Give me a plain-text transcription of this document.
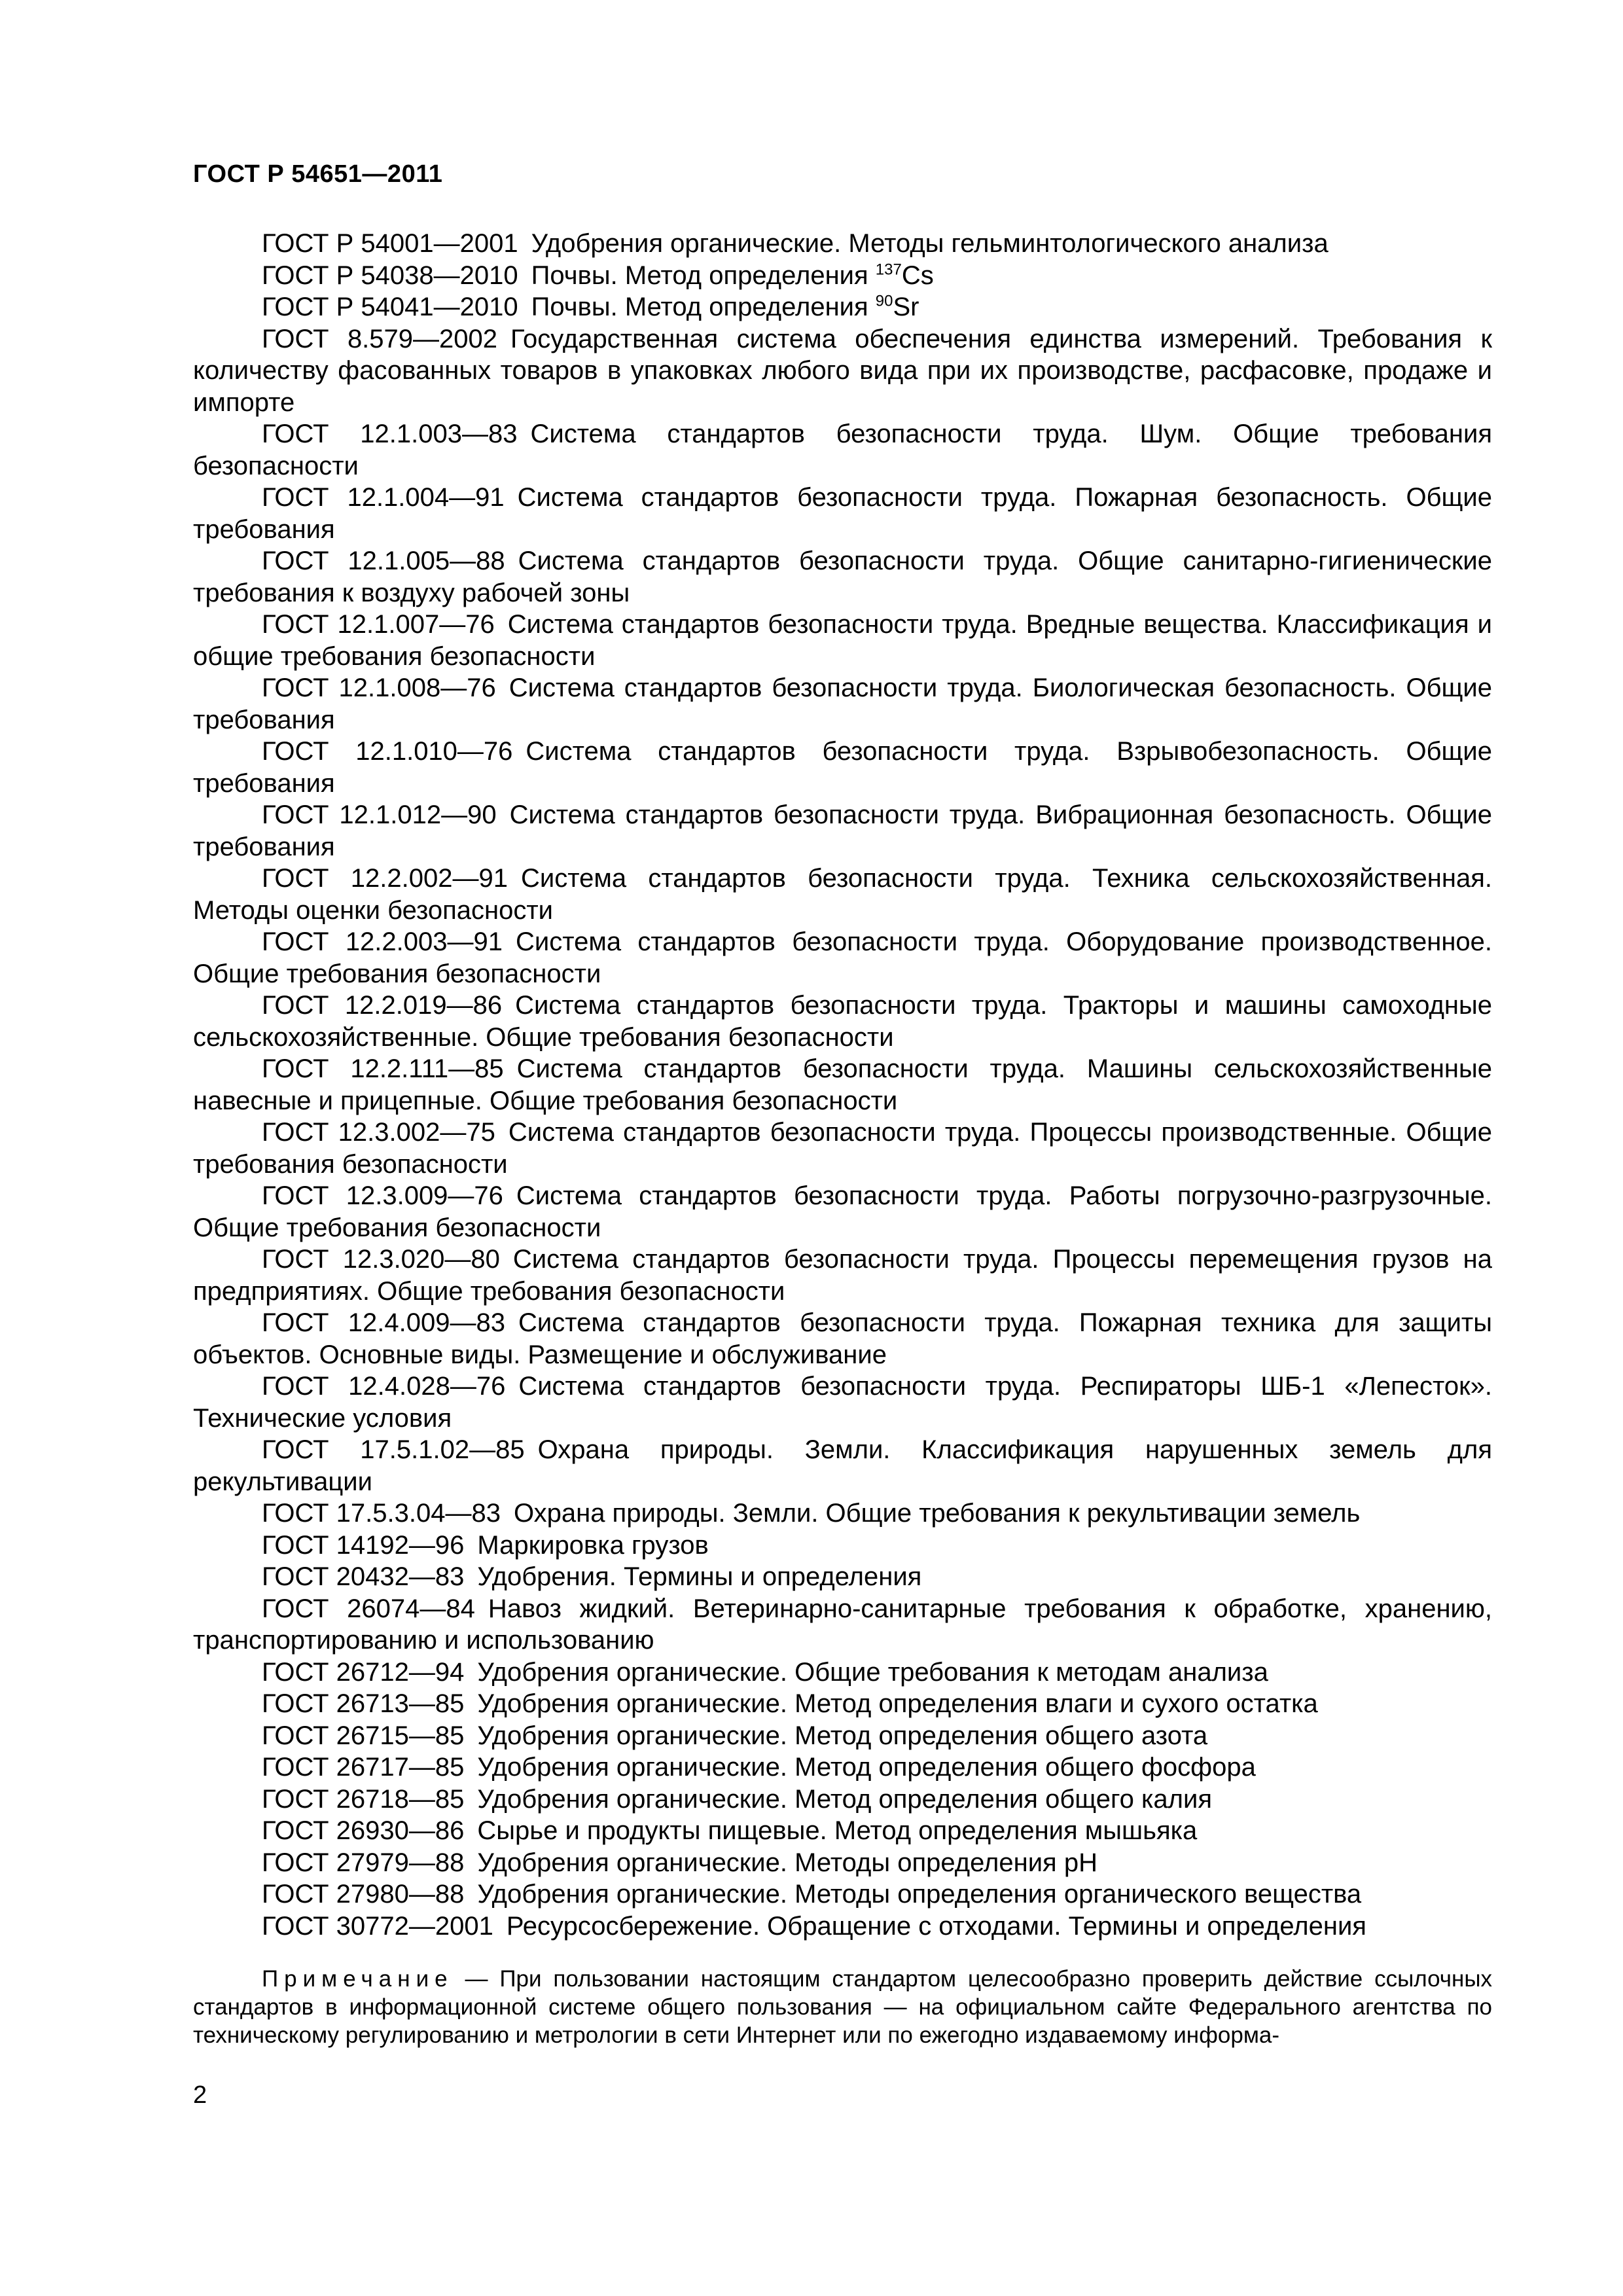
ГОСТ Р 54651—2011
ГОСТ Р 54001—2001  Удобрения органические. Методы гельминтологического анализа
ГОСТ Р 54038—2010  Почвы. Метод определения $^{137}$Cs
ГОСТ Р 54041—2010  Почвы. Метод определения $^{90}$Sr
ГОСТ 8.579—2002  Государственная система обеспечения единства измерений. Требования к количеству фасованных товаров в упаковках любого вида при их производстве, расфасовке, продаже и импорте
ГОСТ 12.1.003—83  Система стандартов безопасности труда. Шум. Общие требования безопасности
ГОСТ 12.1.004—91  Система стандартов безопасности труда. Пожарная безопасность. Общие требования
ГОСТ 12.1.005—88  Система стандартов безопасности труда. Общие санитарно-гигиенические требования к воздуху рабочей зоны
ГОСТ 12.1.007—76  Система стандартов безопасности труда. Вредные вещества. Классификация и общие требования безопасности
ГОСТ 12.1.008—76  Система стандартов безопасности труда. Биологическая безопасность. Общие требования
ГОСТ 12.1.010—76  Система стандартов безопасности труда. Взрывобезопасность. Общие требования
ГОСТ 12.1.012—90  Система стандартов безопасности труда. Вибрационная безопасность. Общие требования
ГОСТ 12.2.002—91  Система стандартов безопасности труда. Техника сельскохозяйственная. Методы оценки безопасности
ГОСТ 12.2.003—91  Система стандартов безопасности труда. Оборудование производственное. Общие требования безопасности
ГОСТ 12.2.019—86  Система стандартов безопасности труда. Тракторы и машины самоходные сельскохозяйственные. Общие требования безопасности
ГОСТ 12.2.111—85  Система стандартов безопасности труда. Машины сельскохозяйственные навесные и прицепные. Общие требования безопасности
ГОСТ 12.3.002—75  Система стандартов безопасности труда. Процессы производственные. Общие требования безопасности
ГОСТ 12.3.009—76  Система стандартов безопасности труда. Работы погрузочно-разгрузочные. Общие требования безопасности
ГОСТ 12.3.020—80  Система стандартов безопасности труда. Процессы перемещения грузов на предприятиях. Общие требования безопасности
ГОСТ 12.4.009—83  Система стандартов безопасности труда. Пожарная техника для защиты объектов. Основные виды. Размещение и обслуживание
ГОСТ 12.4.028—76  Система стандартов безопасности труда. Респираторы ШБ-1 «Лепесток». Технические условия
ГОСТ 17.5.1.02—85  Охрана природы. Земли. Классификация нарушенных земель для рекультивации
ГОСТ 17.5.3.04—83  Охрана природы. Земли. Общие требования к рекультивации земель
ГОСТ 14192—96  Маркировка грузов
ГОСТ 20432—83  Удобрения. Термины и определения
ГОСТ 26074—84  Навоз жидкий. Ветеринарно-санитарные требования к обработке, хранению, транспортированию и использованию
ГОСТ 26712—94  Удобрения органические. Общие требования к методам анализа
ГОСТ 26713—85  Удобрения органические. Метод определения влаги и сухого остатка
ГОСТ 26715—85  Удобрения органические. Метод определения общего азота
ГОСТ 26717—85  Удобрения органические. Метод определения общего фосфора
ГОСТ 26718—85  Удобрения органические. Метод определения общего калия
ГОСТ 26930—86  Сырье и продукты пищевые. Метод определения мышьяка
ГОСТ 27979—88  Удобрения органические. Методы определения pH
ГОСТ 27980—88  Удобрения органические. Методы определения органического вещества
ГОСТ 30772—2001  Ресурсосбережение. Обращение с отходами. Термины и определения

Примечание — При пользовании настоящим стандартом целесообразно проверить действие ссылочных стандартов в информационной системе общего пользования — на официальном сайте Федерального агентства по техническому регулированию и метрологии в сети Интернет или по ежегодно издаваемому информа-

2
